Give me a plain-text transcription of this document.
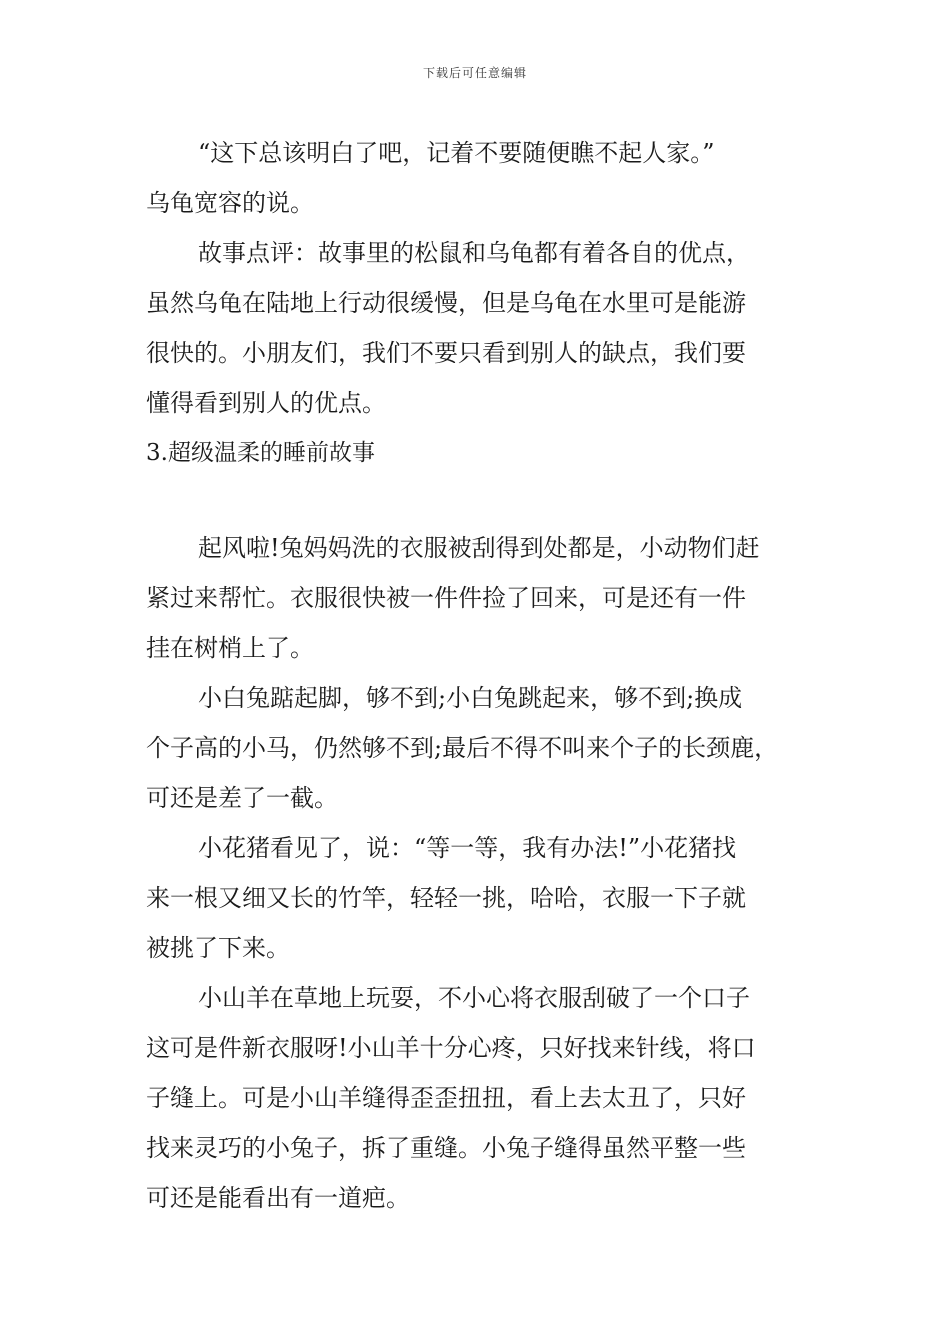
下载后可任意编辑
“这下总该明白了吧，记着不要随便瞧不起人家。”
乌龟宽容的说。
故事点评：故事里的松鼠和乌龟都有着各自的优点，
虽然乌龟在陆地上行动很缓慢，但是乌龟在水里可是能游
很快的。小朋友们，我们不要只看到别人的缺点，我们要
懂得看到别人的优点。
3.超级温柔的睡前故事
起风啦!兔妈妈洗的衣服被刮得到处都是，小动物们赶
紧过来帮忙。衣服很快被一件件捡了回来，可是还有一件
挂在树梢上了。
小白兔踮起脚，够不到;小白兔跳起来，够不到;换成
个子高的小马，仍然够不到;最后不得不叫来个子的长颈鹿，
可还是差了一截。
小花猪看见了，说：“等一等，我有办法!”小花猪找
来一根又细又长的竹竿，轻轻一挑，哈哈，衣服一下子就
被挑了下来。
小山羊在草地上玩耍，不小心将衣服刮破了一个口子
这可是件新衣服呀!小山羊十分心疼，只好找来针线，将口
子缝上。可是小山羊缝得歪歪扭扭，看上去太丑了，只好
找来灵巧的小兔子，拆了重缝。小兔子缝得虽然平整一些
可还是能看出有一道疤。
